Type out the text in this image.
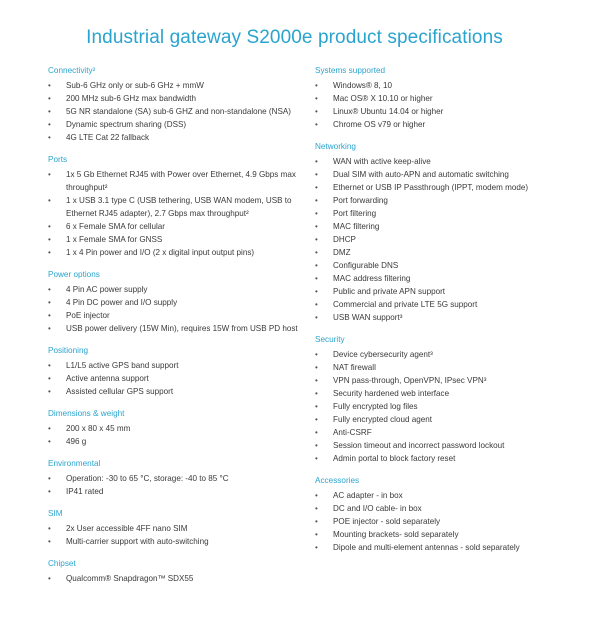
Industrial gateway S2000e product specifications
Connectivity²
• Sub-6 GHz only or sub-6 GHz + mmW
• 200 MHz sub-6 GHz max bandwidth
• 5G NR standalone (SA) sub-6 GHZ and non-standalone (NSA)
• Dynamic spectrum sharing (DSS)
• 4G LTE Cat 22 fallback
Ports
• 1x 5 Gb Ethernet RJ45 with Power over Ethernet, 4.9 Gbps max throughput²
• 1 x USB 3.1 type C (USB tethering, USB WAN modem, USB to Ethernet RJ45 adapter), 2.7 Gbps max throughput²
• 6 x Female SMA for cellular
• 1 x Female SMA for GNSS
• 1 x 4 Pin power and I/O (2 x digital input output pins)
Power options
• 4 Pin AC power supply
• 4 Pin DC power and I/O supply
• PoE injector
• USB power delivery (15W Min), requires 15W from USB PD host
Positioning
• L1/L5 active GPS band support
• Active antenna support
• Assisted cellular GPS support
Dimensions & weight
• 200 x 80 x 45 mm
• 496 g
Environmental
• Operation: -30 to 65 °C, storage: -40 to 85 °C
• IP41 rated
SIM
• 2x User accessible 4FF nano SIM
• Multi-carrier support with auto-switching
Chipset
• Qualcomm® Snapdragon™ SDX55
Systems supported
• Windows® 8, 10
• Mac OS® X 10.10 or higher
• Linux® Ubuntu 14.04 or higher
• Chrome OS v79 or higher
Networking
• WAN with active keep-alive
• Dual SIM with auto-APN and automatic switching
• Ethernet or USB IP Passthrough (IPPT, modem mode)
• Port forwarding
• Port filtering
• MAC filtering
• DHCP
• DMZ
• Configurable DNS
• MAC address filtering
• Public and private APN support
• Commercial and private LTE 5G support
• USB WAN support³
Security
• Device cybersecurity agent³
• NAT firewall
• VPN pass-through, OpenVPN, IPsec VPN³
• Security hardened web interface
• Fully encrypted log files
• Fully encrypted cloud agent
• Anti-CSRF
• Session timeout and incorrect password lockout
• Admin portal to block factory reset
Accessories
• AC adapter - in box
• DC and I/O cable- in box
• POE injector - sold separately
• Mounting brackets- sold separately
• Dipole and multi-element antennas - sold separately
